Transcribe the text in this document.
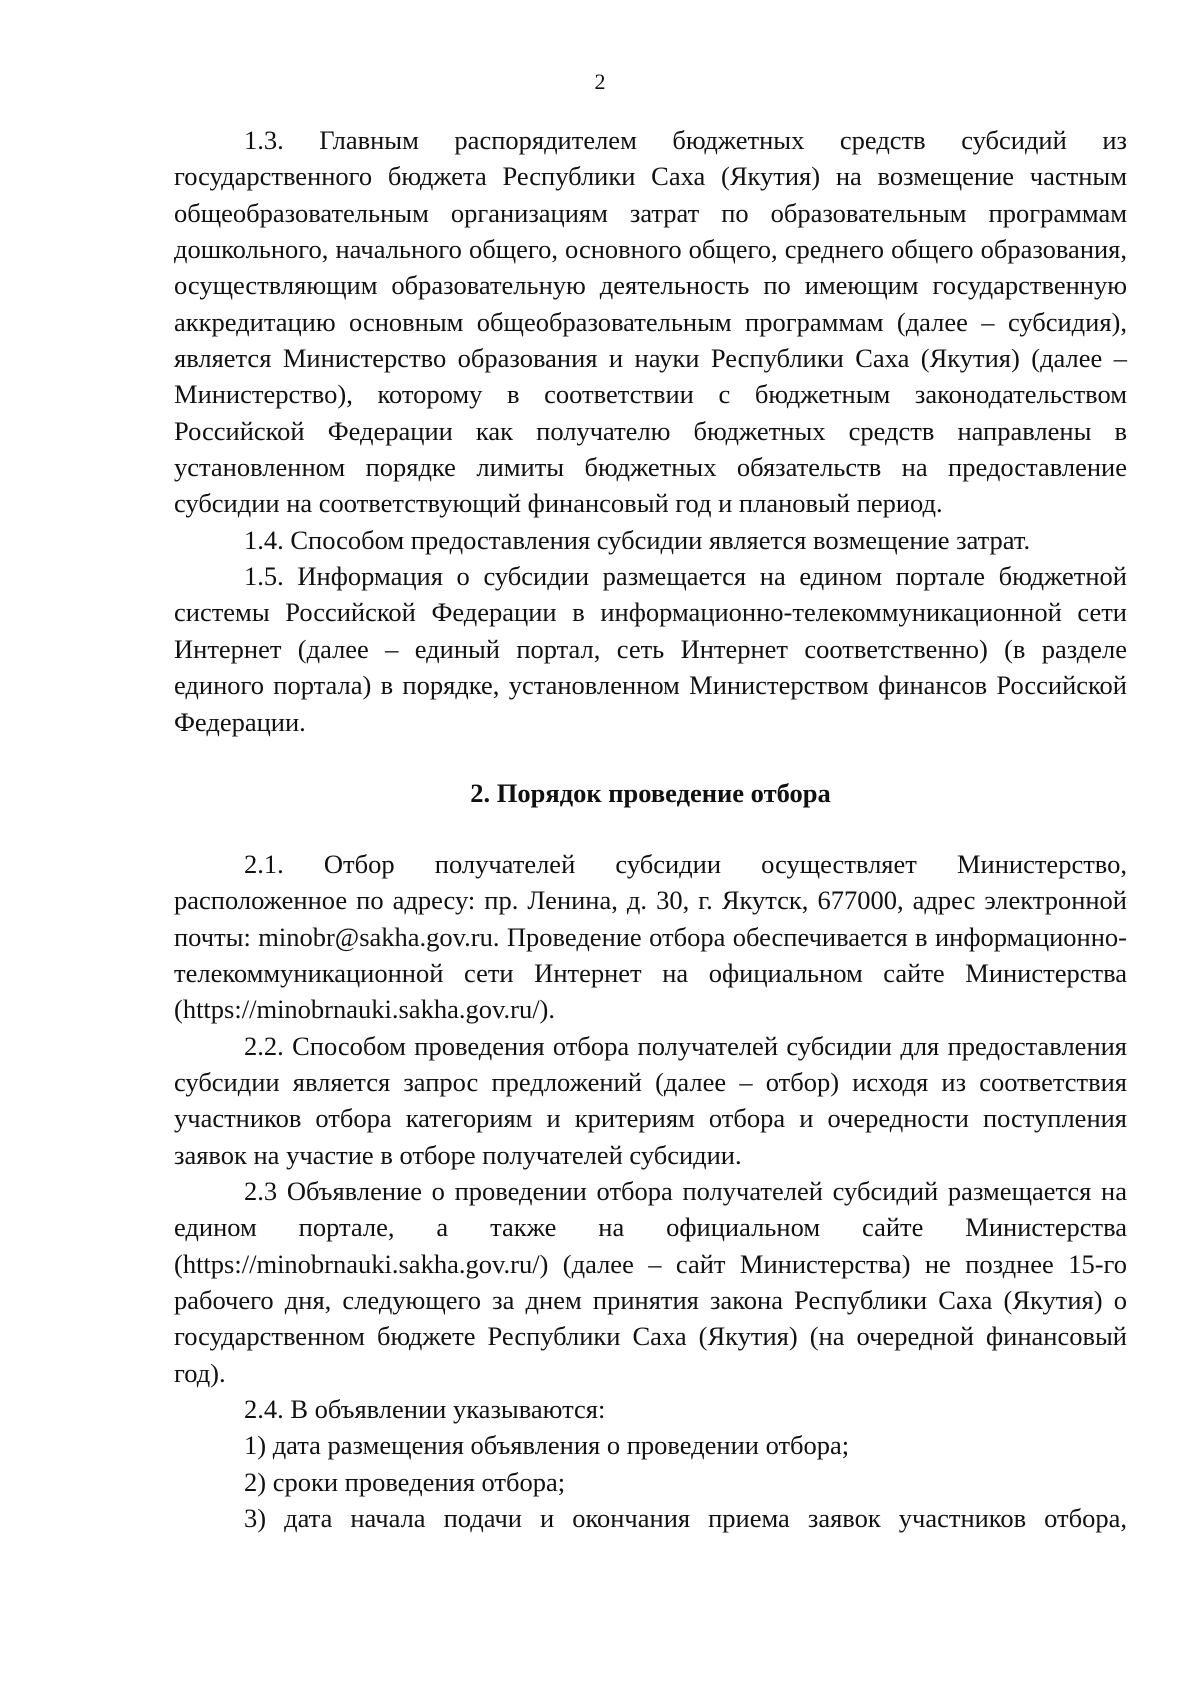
2

1.3. Главным распорядителем бюджетных средств субсидий из государственного бюджета Республики Саха (Якутия) на возмещение частным общеобразовательным организациям затрат по образовательным программам дошкольного, начального общего, основного общего, среднего общего образования, осуществляющим образовательную деятельность по имеющим государственную аккредитацию основным общеобразовательным программам (далее – субсидия), является Министерство образования и науки Республики Саха (Якутия) (далее – Министерство), которому в соответствии с бюджетным законодательством Российской Федерации как получателю бюджетных средств направлены в установленном порядке лимиты бюджетных обязательств на предоставление субсидии на соответствующий финансовый год и плановый период.

1.4. Способом предоставления субсидии является возмещение затрат.

1.5. Информация о субсидии размещается на едином портале бюджетной системы Российской Федерации в информационно-телекоммуникационной сети Интернет (далее – единый портал, сеть Интернет соответственно) (в разделе единого портала) в порядке, установленном Министерством финансов Российской Федерации.

2. Порядок проведение отбора

2.1. Отбор получателей субсидии осуществляет Министерство, расположенное по адресу: пр. Ленина, д. 30, г. Якутск, 677000, адрес электронной почты: minobr@sakha.gov.ru. Проведение отбора обеспечивается в информационно-телекоммуникационной сети Интернет на официальном сайте Министерства (https://minobrnauki.sakha.gov.ru/).

2.2. Способом проведения отбора получателей субсидии для предоставления субсидии является запрос предложений (далее – отбор) исходя из соответствия участников отбора категориям и критериям отбора и очередности поступления заявок на участие в отборе получателей субсидии.

2.3 Объявление о проведении отбора получателей субсидий размещается на едином портале, а также на официальном сайте Министерства (https://minobrnauki.sakha.gov.ru/) (далее – сайт Министерства) не позднее 15-го рабочего дня, следующего за днем принятия закона Республики Саха (Якутия) о государственном бюджете Республики Саха (Якутия) (на очередной финансовый год).

2.4. В объявлении указываются:

1) дата размещения объявления о проведении отбора;

2) сроки проведения отбора;

3) дата начала подачи и окончания приема заявок участников отбора,
